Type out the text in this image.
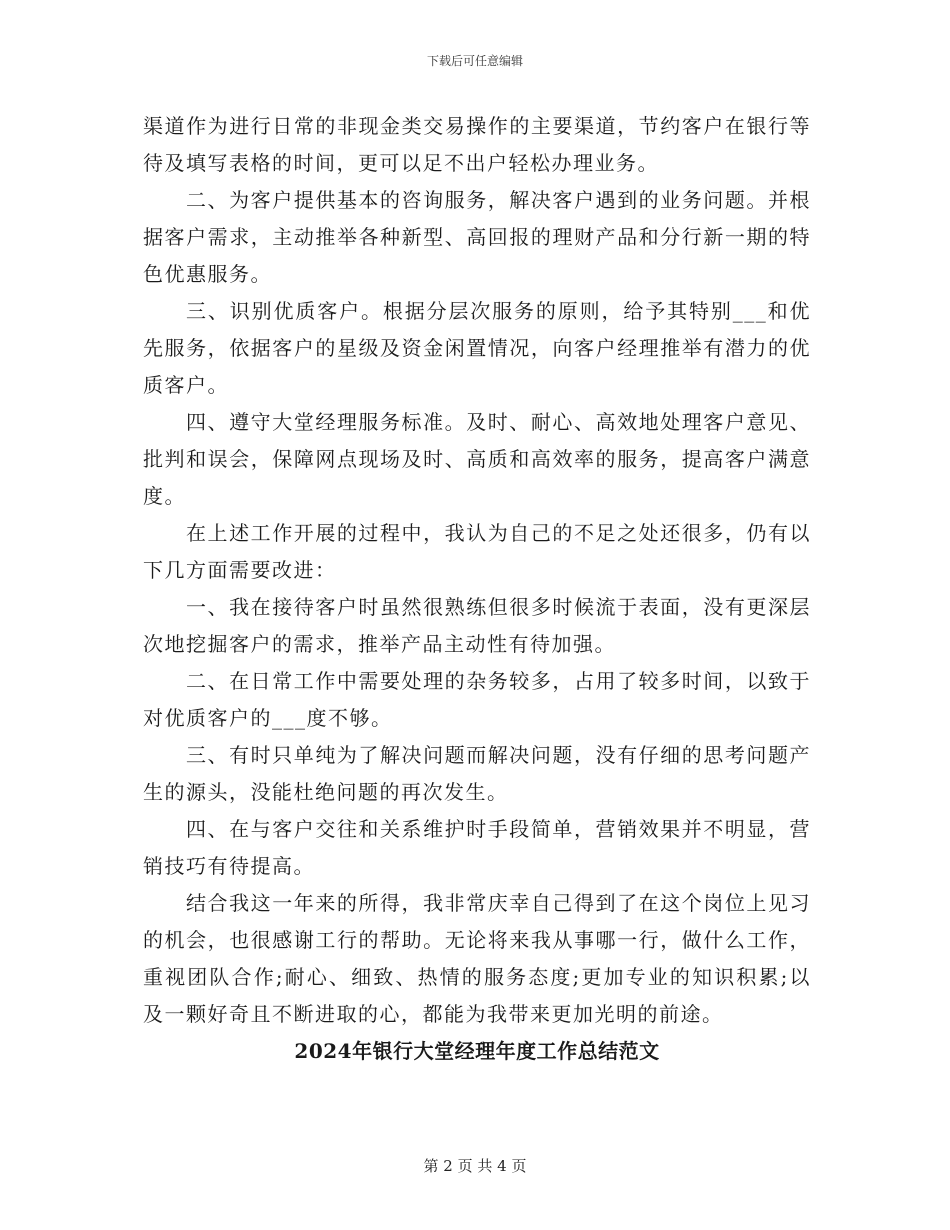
下载后可任意编辑

渠道作为进行日常的非现金类交易操作的主要渠道，节约客户在银行等待及填写表格的时间，更可以足不出户轻松办理业务。

二、为客户提供基本的咨询服务，解决客户遇到的业务问题。并根据客户需求，主动推举各种新型、高回报的理财产品和分行新一期的特色优惠服务。

三、识别优质客户。根据分层次服务的原则，给予其特别___和优先服务，依据客户的星级及资金闲置情况，向客户经理推举有潜力的优质客户。

四、遵守大堂经理服务标准。及时、耐心、高效地处理客户意见、批判和误会，保障网点现场及时、高质和高效率的服务，提高客户满意度。

在上述工作开展的过程中，我认为自己的不足之处还很多，仍有以下几方面需要改进：

一、我在接待客户时虽然很熟练但很多时候流于表面，没有更深层次地挖掘客户的需求，推举产品主动性有待加强。

二、在日常工作中需要处理的杂务较多，占用了较多时间，以致于对优质客户的___度不够。

三、有时只单纯为了解决问题而解决问题，没有仔细的思考问题产生的源头，没能杜绝问题的再次发生。

四、在与客户交往和关系维护时手段简单，营销效果并不明显，营销技巧有待提高。

结合我这一年来的所得，我非常庆幸自己得到了在这个岗位上见习的机会，也很感谢工行的帮助。无论将来我从事哪一行，做什么工作，重视团队合作;耐心、细致、热情的服务态度;更加专业的知识积累;以及一颗好奇且不断进取的心，都能为我带来更加光明的前途。

2024年银行大堂经理年度工作总结范文
第 2 页 共 4 页
